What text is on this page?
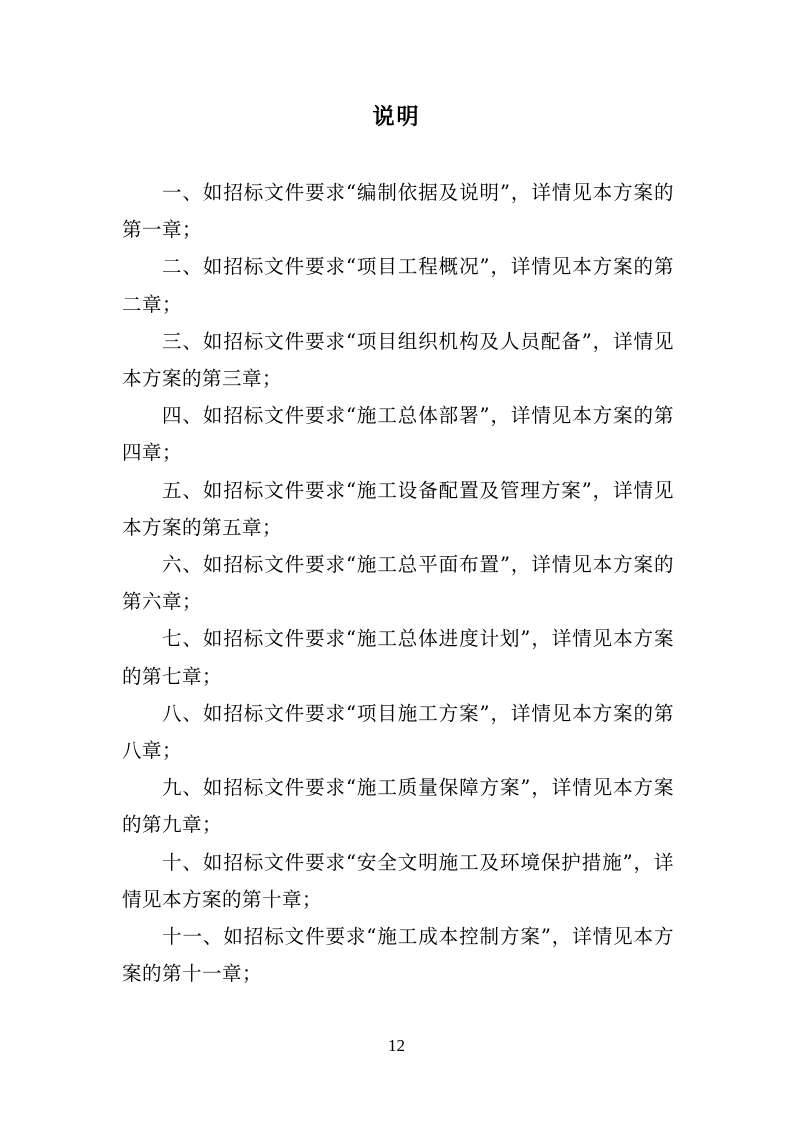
说明

一、如招标文件要求“编制依据及说明”，详情见本方案的第一章；

二、如招标文件要求“项目工程概况”，详情见本方案的第二章；

三、如招标文件要求“项目组织机构及人员配备”，详情见本方案的第三章；

四、如招标文件要求“施工总体部署”，详情见本方案的第四章；

五、如招标文件要求“施工设备配置及管理方案”，详情见本方案的第五章；

六、如招标文件要求“施工总平面布置”，详情见本方案的第六章；

七、如招标文件要求“施工总体进度计划”，详情见本方案的第七章；

八、如招标文件要求“项目施工方案”，详情见本方案的第八章；

九、如招标文件要求“施工质量保障方案”，详情见本方案的第九章；

十、如招标文件要求“安全文明施工及环境保护措施”，详情见本方案的第十章；

十一、如招标文件要求“施工成本控制方案”，详情见本方案的第十一章；

12
